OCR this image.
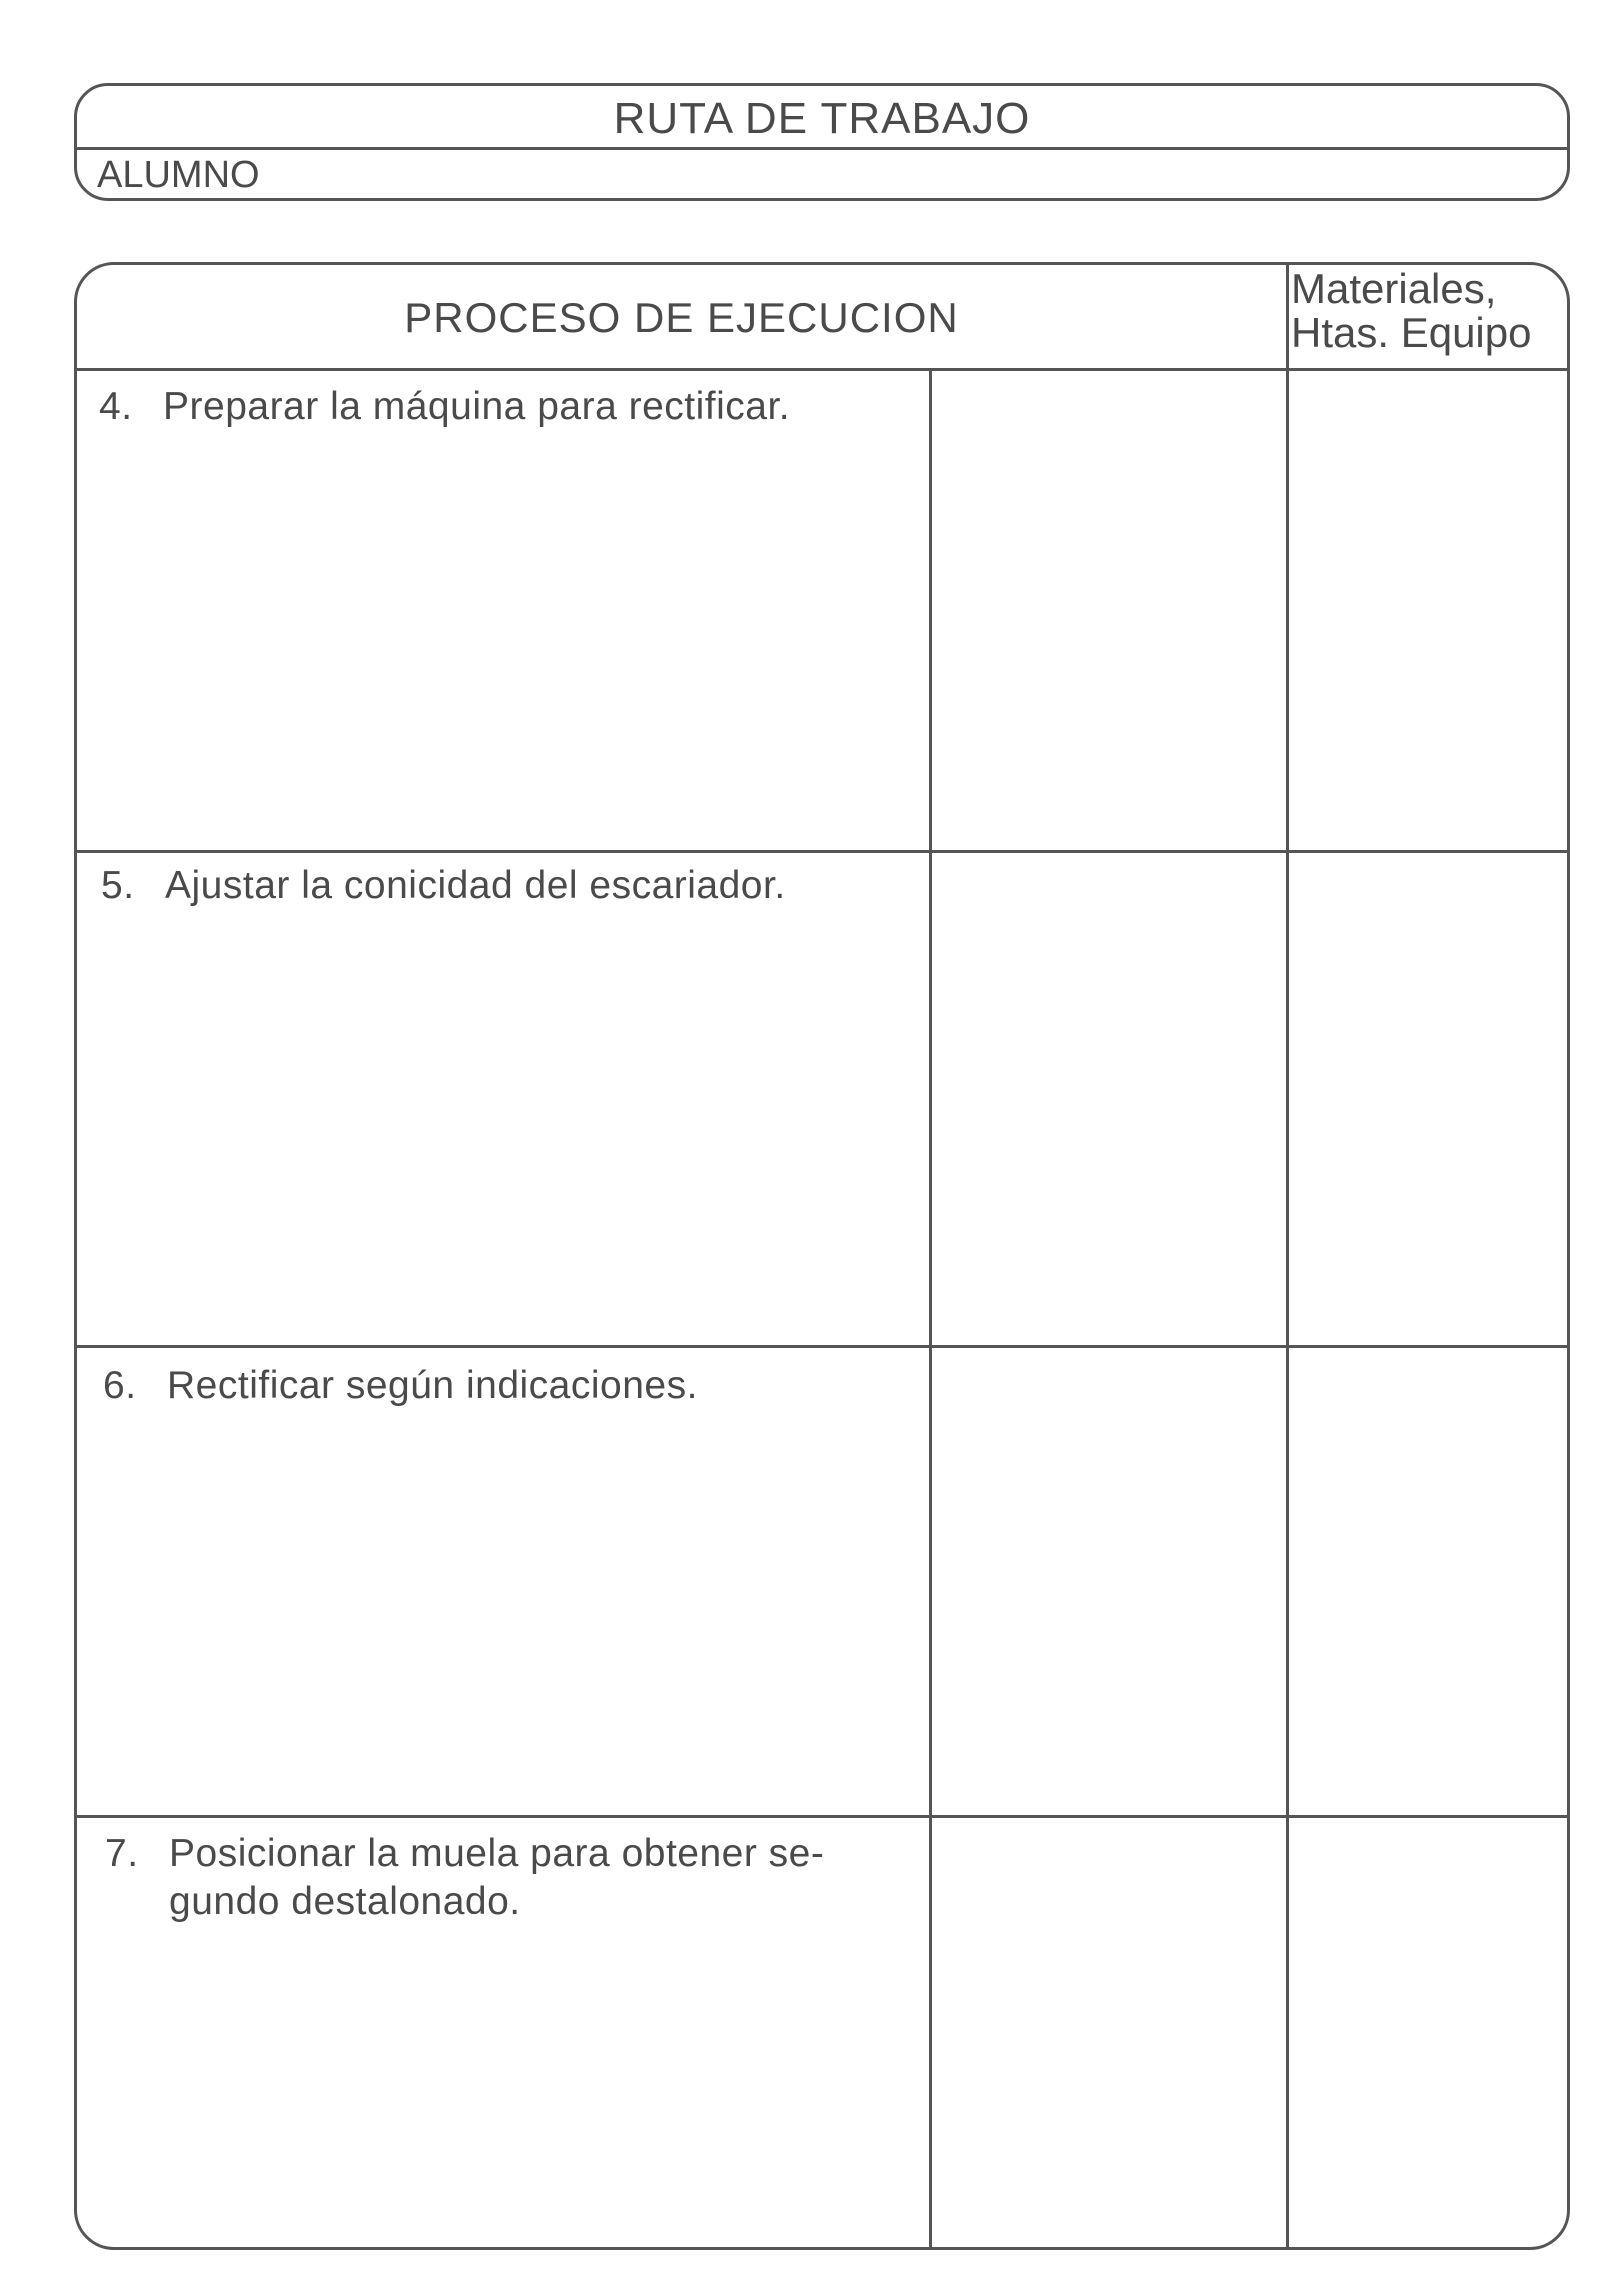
RUTA DE TRABAJO
ALUMNO
PROCESO DE EJECUCION
Materiales,
Htas. Equipo
4. Preparar la máquina para rectificar.
5. Ajustar la conicidad del escariador.
6. Rectificar según indicaciones.
7. Posicionar la muela para obtener se-
gundo destalonado.
